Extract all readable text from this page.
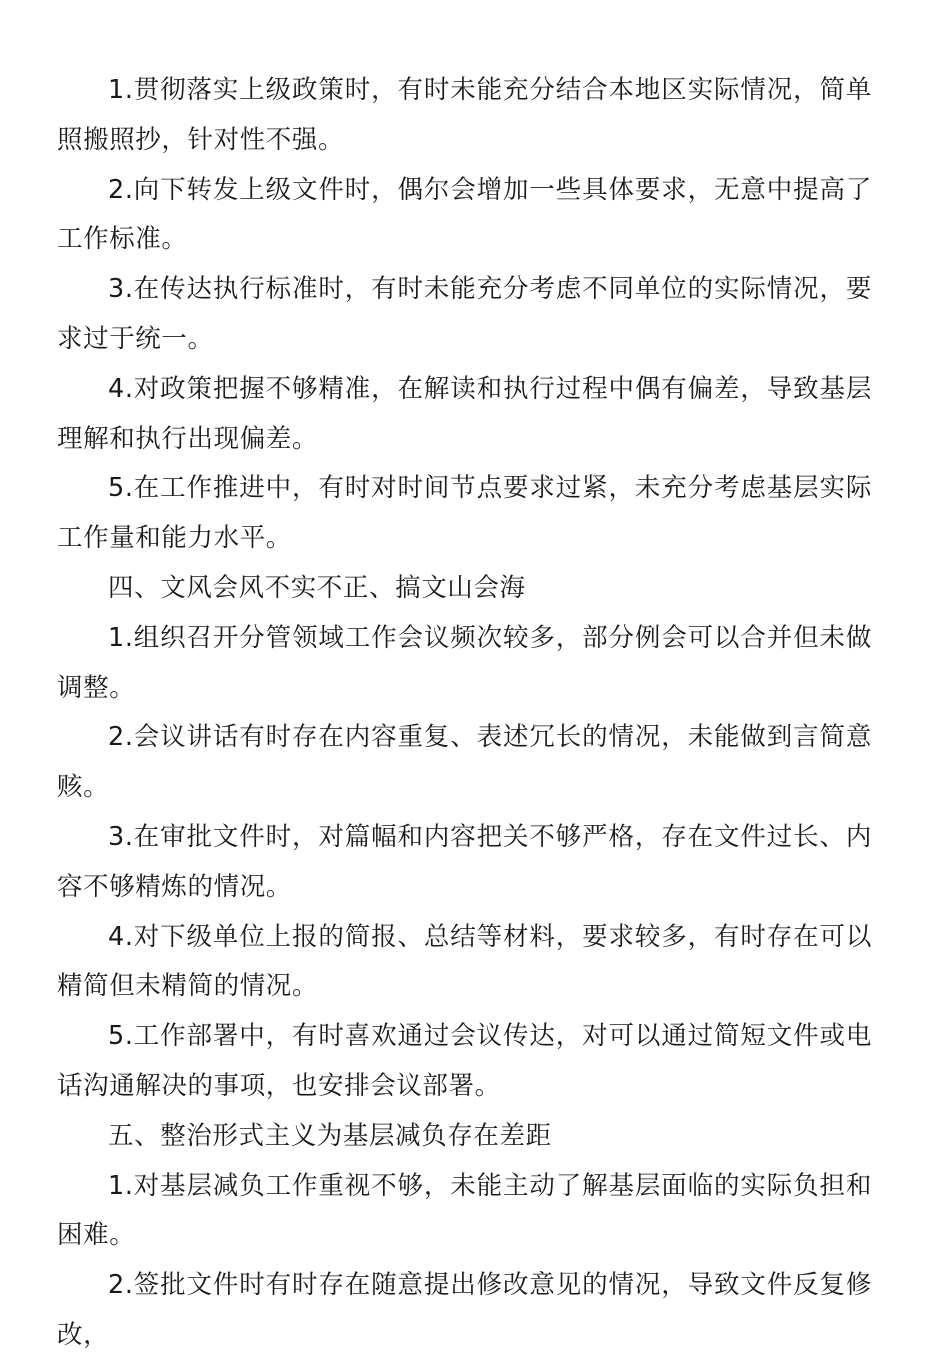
1.贯彻落实上级政策时，有时未能充分结合本地区实际情况，简单照搬照抄，针对性不强。

2.向下转发上级文件时，偶尔会增加一些具体要求，无意中提高了工作标准。

3.在传达执行标准时，有时未能充分考虑不同单位的实际情况，要求过于统一。

4.对政策把握不够精准，在解读和执行过程中偶有偏差，导致基层理解和执行出现偏差。

5.在工作推进中，有时对时间节点要求过紧，未充分考虑基层实际工作量和能力水平。

四、文风会风不实不正、搞文山会海

1.组织召开分管领域工作会议频次较多，部分例会可以合并但未做调整。

2.会议讲话有时存在内容重复、表述冗长的情况，未能做到言简意赅。

3.在审批文件时，对篇幅和内容把关不够严格，存在文件过长、内容不够精炼的情况。

4.对下级单位上报的简报、总结等材料，要求较多，有时存在可以精简但未精简的情况。

5.工作部署中，有时喜欢通过会议传达，对可以通过简短文件或电话沟通解决的事项，也安排会议部署。

五、整治形式主义为基层减负存在差距

1.对基层减负工作重视不够，未能主动了解基层面临的实际负担和困难。

2.签批文件时有时存在随意提出修改意见的情况，导致文件反复修改，
